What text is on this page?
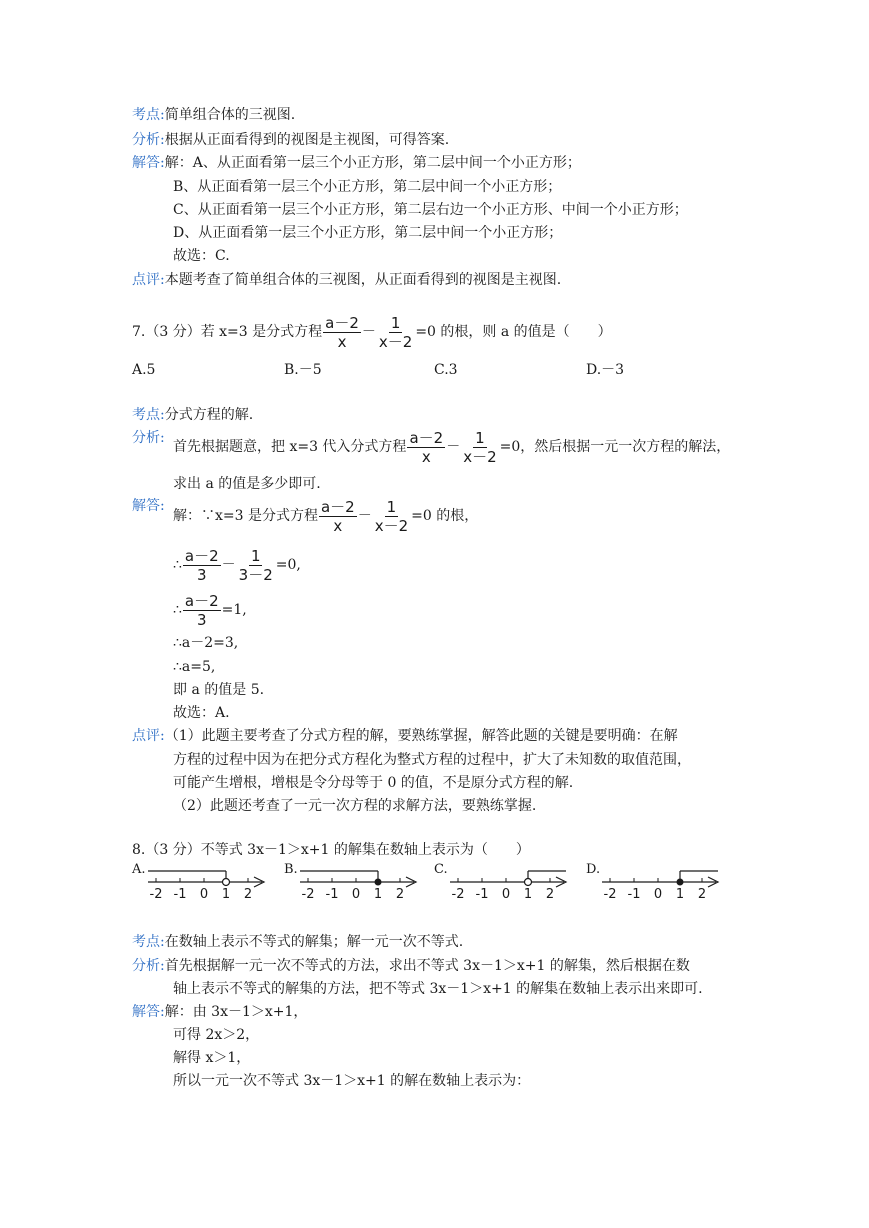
考点:简单组合体的三视图.
分析:根据从正面看得到的视图是主视图，可得答案.
解答:解：A、从正面看第一层三个小正方形，第二层中间一个小正方形；
B、从正面看第一层三个小正方形，第二层中间一个小正方形；
C、从正面看第一层三个小正方形，第二层右边一个小正方形、中间一个小正方形；
D、从正面看第一层三个小正方形，第二层中间一个小正方形；
故选：C.
点评:本题考查了简单组合体的三视图，从正面看得到的视图是主视图.
7.（3 分）若 x=3 是分式方程 $\frac{a-2}{x} - \frac{1}{x-2} =0$ 的根，则 a 的值是（　　）
A.5	B.－5	C.3	D.－3
考点:分式方程的解.
分析:
首先根据题意，把 x=3 代入分式方程 $\frac{a-2}{x} - \frac{1}{x-2} =0$，然后根据一元一次方程的解法，
求出 a 的值是多少即可.
解答:
解：∵x=3 是分式方程 $\frac{a-2}{x} - \frac{1}{x-2} =0$ 的根，
∴ $\frac{a-2}{3} - \frac{1}{3-2} =0$,
∴ $\frac{a-2}{3} =1$,
∴a－2=3,
∴a=5,
即 a 的值是 5.
故选：A.
点评:（1）此题主要考查了分式方程的解，要熟练掌握，解答此题的关键是要明确：在解
方程的过程中因为在把分式方程化为整式方程的过程中，扩大了未知数的取值范围，
可能产生增根，增根是令分母等于 0 的值，不是原分式方程的解.
（2）此题还考查了一元一次方程的求解方法，要熟练掌握.
8.（3 分）不等式 3x－1＞x+1 的解集在数轴上表示为（　　）
A.
-2 -1 0 1 2
B.
-2 -1 0 1 2
C.
-2 -1 0 1 2
D.
-2 -1 0 1 2
考点:在数轴上表示不等式的解集；解一元一次不等式.
分析:首先根据解一元一次不等式的方法，求出不等式 3x－1＞x+1 的解集，然后根据在数
轴上表示不等式的解集的方法，把不等式 3x－1＞x+1 的解集在数轴上表示出来即可.
解答:解：由 3x－1＞x+1，
可得 2x＞2，
解得 x＞1，
所以一元一次不等式 3x－1＞x+1 的解在数轴上表示为：
